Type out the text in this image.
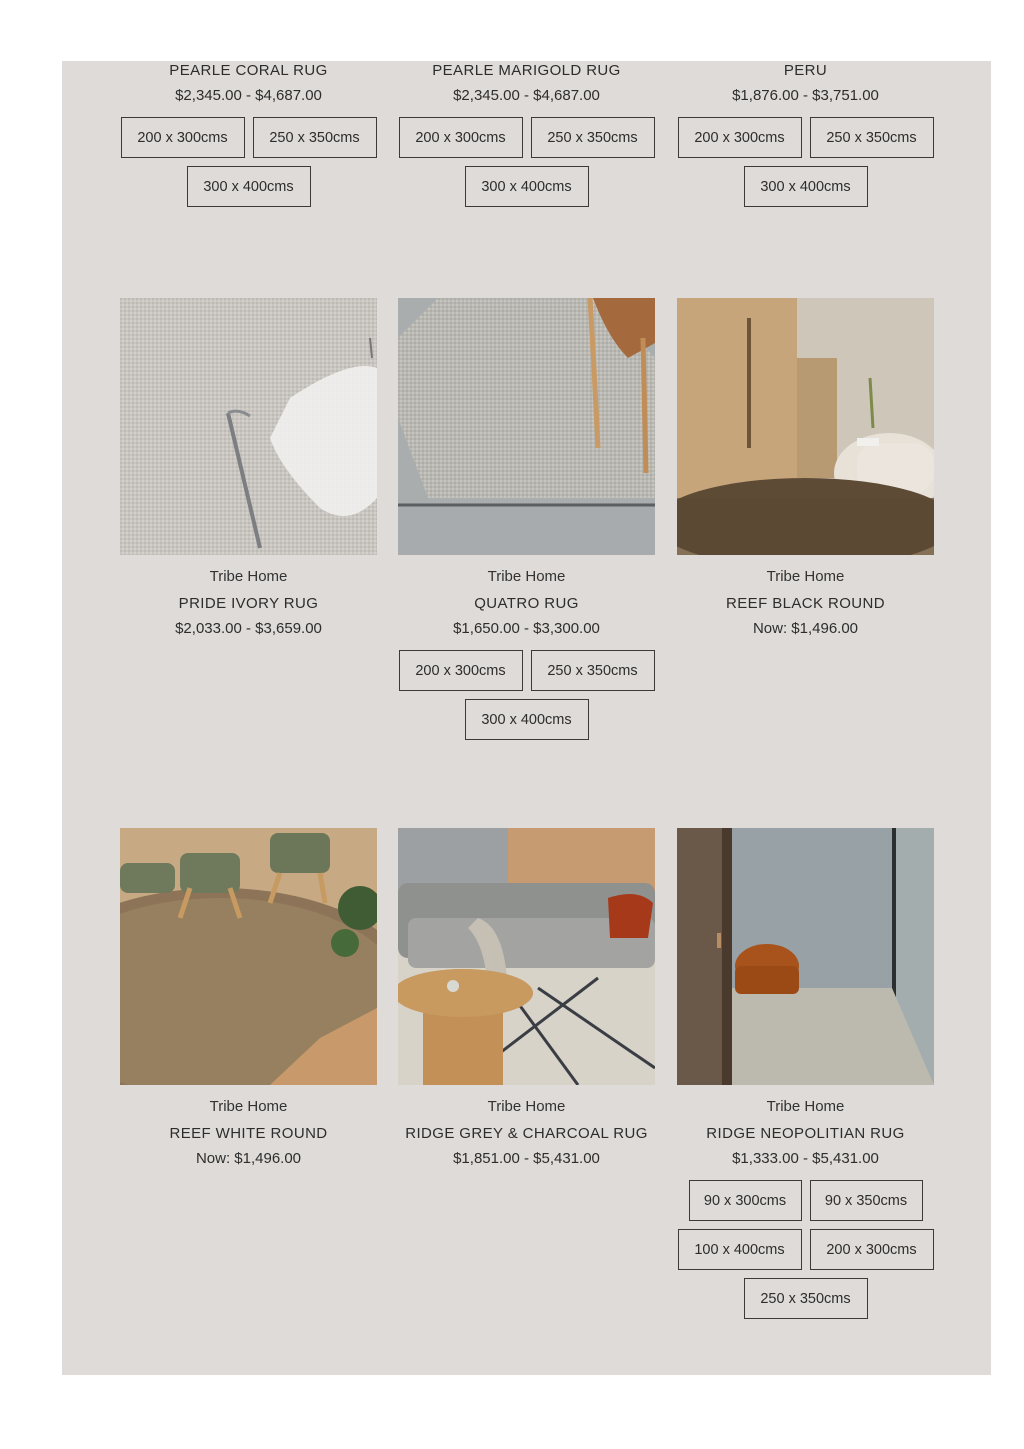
PEARLE CORAL RUG
$2,345.00 - $4,687.00
200 x 300cms	250 x 350cms
300 x 400cms
PEARLE MARIGOLD RUG
$2,345.00 - $4,687.00
200 x 300cms	250 x 350cms
300 x 400cms
PERU
$1,876.00 - $3,751.00
200 x 300cms	250 x 350cms
300 x 400cms
Tribe Home
PRIDE IVORY RUG
$2,033.00 - $3,659.00
Tribe Home
QUATRO RUG
$1,650.00 - $3,300.00
200 x 300cms	250 x 350cms
300 x 400cms
Tribe Home
REEF BLACK ROUND
Now: $1,496.00
Tribe Home
REEF WHITE ROUND
Now: $1,496.00
Tribe Home
RIDGE GREY & CHARCOAL RUG
$1,851.00 - $5,431.00
Tribe Home
RIDGE NEOPOLITIAN RUG
$1,333.00 - $5,431.00
90 x 300cms	90 x 350cms
100 x 400cms	200 x 300cms
250 x 350cms
